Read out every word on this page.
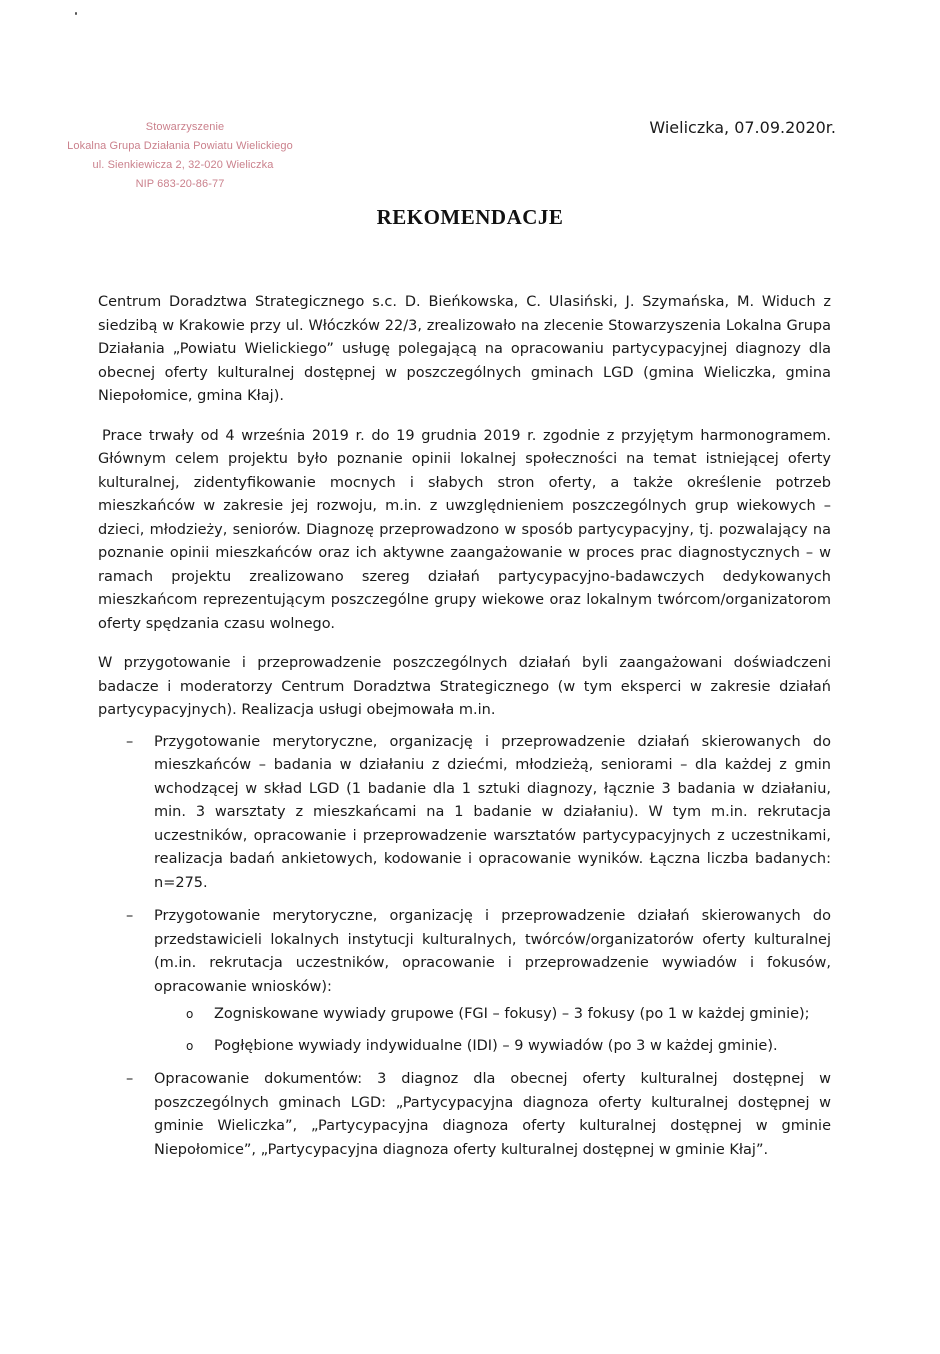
Stowarzyszenie
Lokalna Grupa Działania Powiatu Wielickiego
ul. Sienkiewicza 2, 32-020 Wieliczka
NIP 683-20-86-77
Wieliczka, 07.09.2020r.
REKOMENDACJE

Centrum Doradztwa Strategicznego s.c. D. Bieńkowska, C. Ulasiński, J. Szymańska, M. Widuch z siedzibą w Krakowie przy ul. Włóczków 22/3, zrealizowało na zlecenie Stowarzyszenia Lokalna Grupa Działania „Powiatu Wielickiego” usługę polegającą na opracowaniu partycypacyjnej diagnozy dla obecnej oferty kulturalnej dostępnej w poszczególnych gminach LGD (gmina Wieliczka, gmina Niepołomice, gmina Kłaj).

Prace trwały od 4 września 2019 r. do 19 grudnia 2019 r. zgodnie z przyjętym harmonogramem. Głównym celem projektu było poznanie opinii lokalnej społeczności na temat istniejącej oferty kulturalnej, zidentyfikowanie mocnych i słabych stron oferty, a także określenie potrzeb mieszkańców w zakresie jej rozwoju, m.in. z uwzględnieniem poszczególnych grup wiekowych – dzieci, młodzieży, seniorów. Diagnozę przeprowadzono w sposób partycypacyjny, tj. pozwalający na poznanie opinii mieszkańców oraz ich aktywne zaangażowanie w proces prac diagnostycznych – w ramach projektu zrealizowano szereg działań partycypacyjno-badawczych dedykowanych mieszkańcom reprezentującym poszczególne grupy wiekowe oraz lokalnym twórcom/organizatorom oferty spędzania czasu wolnego.

W przygotowanie i przeprowadzenie poszczególnych działań byli zaangażowani doświadczeni badacze i moderatorzy Centrum Doradztwa Strategicznego (w tym eksperci w zakresie działań partycypacyjnych). Realizacja usługi obejmowała m.in.

– Przygotowanie merytoryczne, organizację i przeprowadzenie działań skierowanych do mieszkańców – badania w działaniu z dziećmi, młodzieżą, seniorami – dla każdej z gmin wchodzącej w skład LGD (1 badanie dla 1 sztuki diagnozy, łącznie 3 badania w działaniu, min. 3 warsztaty z mieszkańcami na 1 badanie w działaniu). W tym m.in. rekrutacja uczestników, opracowanie i przeprowadzenie warsztatów partycypacyjnych z uczestnikami, realizacja badań ankietowych, kodowanie i opracowanie wyników. Łączna liczba badanych: n=275.
– Przygotowanie merytoryczne, organizację i przeprowadzenie działań skierowanych do przedstawicieli lokalnych instytucji kulturalnych, twórców/organizatorów oferty kulturalnej (m.in. rekrutacja uczestników, opracowanie i przeprowadzenie wywiadów i fokusów, opracowanie wniosków):
o Zogniskowane wywiady grupowe (FGI – fokusy) – 3 fokusy (po 1 w każdej gminie);
o Pogłębione wywiady indywidualne (IDI) – 9 wywiadów (po 3 w każdej gminie).
– Opracowanie dokumentów: 3 diagnoz dla obecnej oferty kulturalnej dostępnej w poszczególnych gminach LGD: „Partycypacyjna diagnoza oferty kulturalnej dostępnej w gminie Wieliczka”, „Partycypacyjna diagnoza oferty kulturalnej dostępnej w gminie Niepołomice”, „Partycypacyjna diagnoza oferty kulturalnej dostępnej w gminie Kłaj”.
